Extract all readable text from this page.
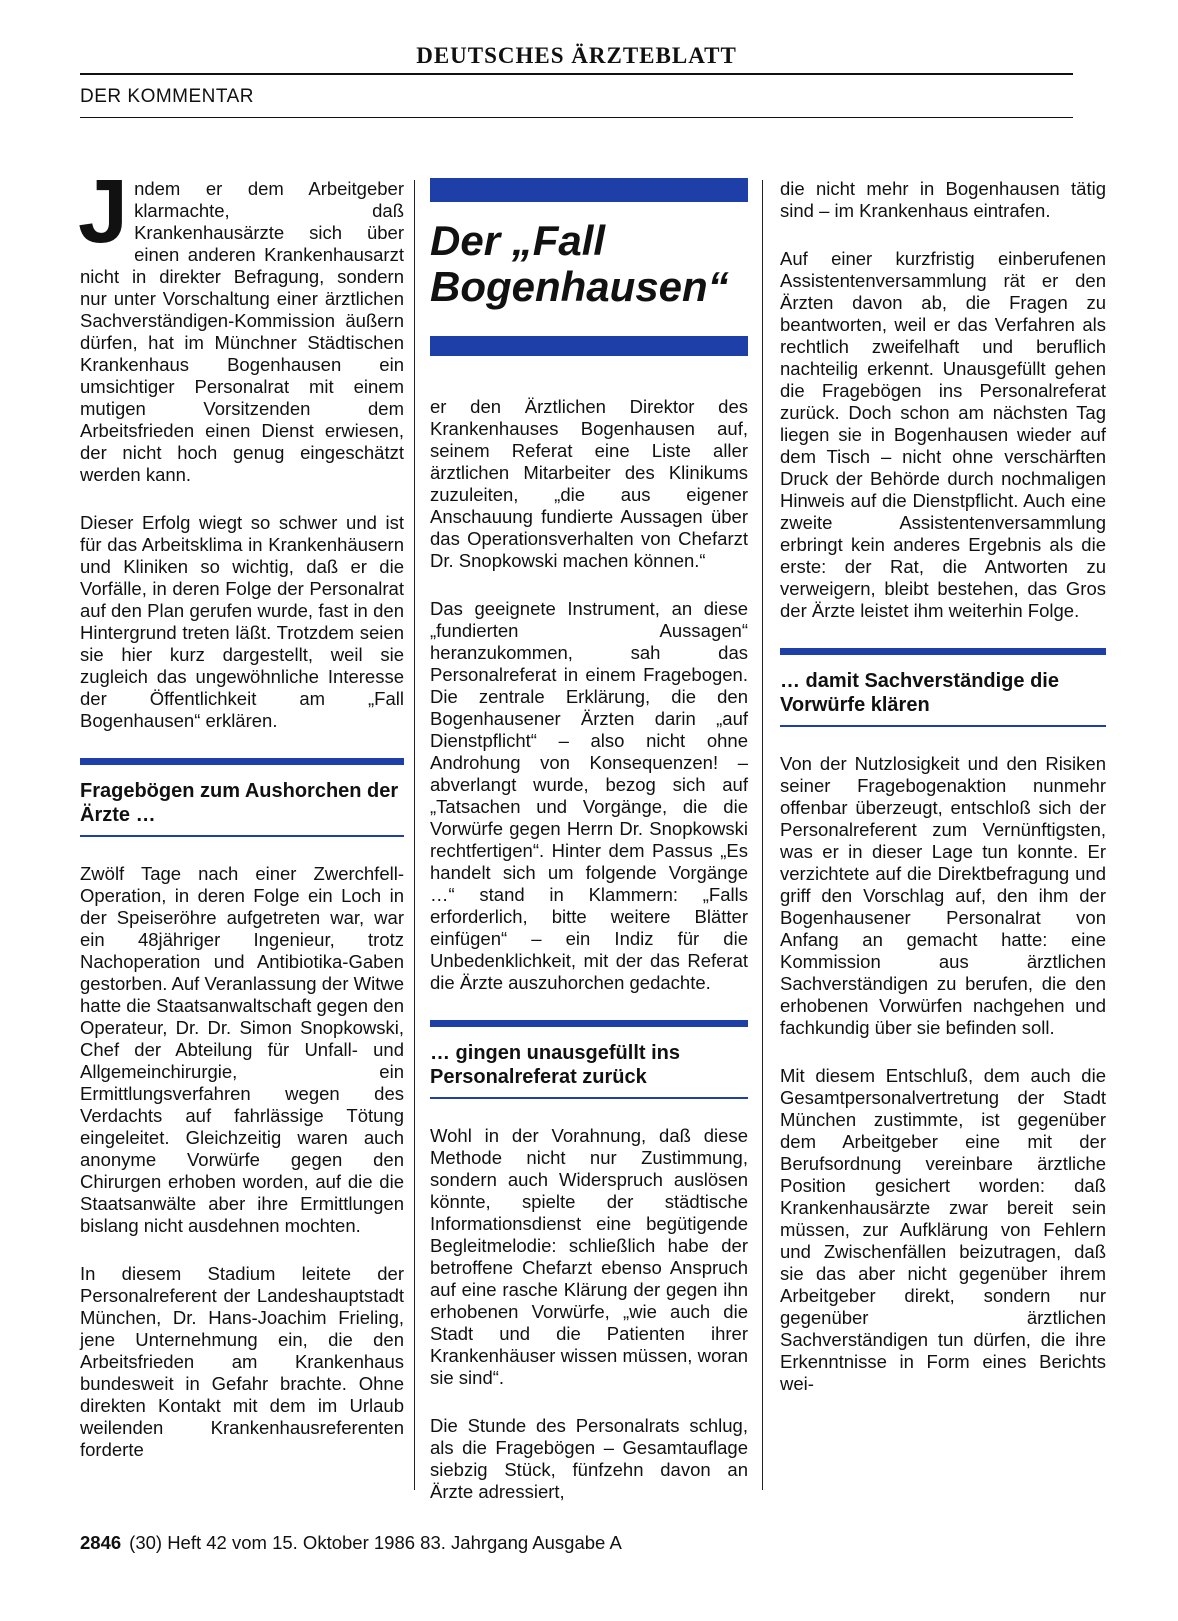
DEUTSCHES ÄRZTEBLATT
DER KOMMENTAR

Jndem er dem Arbeitgeber klarmachte, daß Krankenhausärzte sich über einen anderen Krankenhausarzt nicht in direkter Befragung, sondern nur unter Vorschaltung einer ärztlichen Sachverständigen-Kommission äußern dürfen, hat im Münchner Städtischen Krankenhaus Bogenhausen ein umsichtiger Personalrat mit einem mutigen Vorsitzenden dem Arbeitsfrieden einen Dienst erwiesen, der nicht hoch genug eingeschätzt werden kann.

Dieser Erfolg wiegt so schwer und ist für das Arbeitsklima in Krankenhäusern und Kliniken so wichtig, daß er die Vorfälle, in deren Folge der Personalrat auf den Plan gerufen wurde, fast in den Hintergrund treten läßt. Trotzdem seien sie hier kurz dargestellt, weil sie zugleich das ungewöhnliche Interesse der Öffentlichkeit am „Fall Bogenhausen“ erklären.

Fragebögen zum Aushorchen der Ärzte …

Zwölf Tage nach einer Zwerchfell-Operation, in deren Folge ein Loch in der Speiseröhre aufgetreten war, war ein 48jähriger Ingenieur, trotz Nachoperation und Antibiotika-Gaben gestorben. Auf Veranlassung der Witwe hatte die Staatsanwaltschaft gegen den Operateur, Dr. Dr. Simon Snopkowski, Chef der Abteilung für Unfall- und Allgemeinchirurgie, ein Ermittlungsverfahren wegen des Verdachts auf fahrlässige Tötung eingeleitet. Gleichzeitig waren auch anonyme Vorwürfe gegen den Chirurgen erhoben worden, auf die die Staatsanwälte aber ihre Ermittlungen bislang nicht ausdehnen mochten.

In diesem Stadium leitete der Personalreferent der Landeshauptstadt München, Dr. Hans-Joachim Frieling, jene Unternehmung ein, die den Arbeitsfrieden am Krankenhaus bundesweit in Gefahr brachte. Ohne direkten Kontakt mit dem im Urlaub weilenden Krankenhausreferenten forderte

Der „Fall
Bogenhausen“

er den Ärztlichen Direktor des Krankenhauses Bogenhausen auf, seinem Referat eine Liste aller ärztlichen Mitarbeiter des Klinikums zuzuleiten, „die aus eigener Anschauung fundierte Aussagen über das Operationsverhalten von Chefarzt Dr. Snopkowski machen können.“

Das geeignete Instrument, an diese „fundierten Aussagen“ heranzukommen, sah das Personalreferat in einem Fragebogen. Die zentrale Erklärung, die den Bogenhausener Ärzten darin „auf Dienstpflicht“ – also nicht ohne Androhung von Konsequenzen! – abverlangt wurde, bezog sich auf „Tatsachen und Vorgänge, die die Vorwürfe gegen Herrn Dr. Snopkowski rechtfertigen“. Hinter dem Passus „Es handelt sich um folgende Vorgänge …“ stand in Klammern: „Falls erforderlich, bitte weitere Blätter einfügen“ – ein Indiz für die Unbedenklichkeit, mit der das Referat die Ärzte auszuhorchen gedachte.

… gingen unausgefüllt ins Personalreferat zurück

Wohl in der Vorahnung, daß diese Methode nicht nur Zustimmung, sondern auch Widerspruch auslösen könnte, spielte der städtische Informationsdienst eine begütigende Begleitmelodie: schließlich habe der betroffene Chefarzt ebenso Anspruch auf eine rasche Klärung der gegen ihn erhobenen Vorwürfe, „wie auch die Stadt und die Patienten ihrer Krankenhäuser wissen müssen, woran sie sind“.

Die Stunde des Personalrats schlug, als die Fragebögen – Gesamtauflage siebzig Stück, fünfzehn davon an Ärzte adressiert,

die nicht mehr in Bogenhausen tätig sind – im Krankenhaus eintrafen.

Auf einer kurzfristig einberufenen Assistentenversammlung rät er den Ärzten davon ab, die Fragen zu beantworten, weil er das Verfahren als rechtlich zweifelhaft und beruflich nachteilig erkennt. Unausgefüllt gehen die Fragebögen ins Personalreferat zurück. Doch schon am nächsten Tag liegen sie in Bogenhausen wieder auf dem Tisch – nicht ohne verschärften Druck der Behörde durch nochmaligen Hinweis auf die Dienstpflicht. Auch eine zweite Assistentenversammlung erbringt kein anderes Ergebnis als die erste: der Rat, die Antworten zu verweigern, bleibt bestehen, das Gros der Ärzte leistet ihm weiterhin Folge.

… damit Sachverständige die Vorwürfe klären

Von der Nutzlosigkeit und den Risiken seiner Fragebogenaktion nunmehr offenbar überzeugt, entschloß sich der Personalreferent zum Vernünftigsten, was er in dieser Lage tun konnte. Er verzichtete auf die Direktbefragung und griff den Vorschlag auf, den ihm der Bogenhausener Personalrat von Anfang an gemacht hatte: eine Kommission aus ärztlichen Sachverständigen zu berufen, die den erhobenen Vorwürfen nachgehen und fachkundig über sie befinden soll.

Mit diesem Entschluß, dem auch die Gesamtpersonalvertretung der Stadt München zustimmte, ist gegenüber dem Arbeitgeber eine mit der Berufsordnung vereinbare ärztliche Position gesichert worden: daß Krankenhausärzte zwar bereit sein müssen, zur Aufklärung von Fehlern und Zwischenfällen beizutragen, daß sie das aber nicht gegenüber ihrem Arbeitgeber direkt, sondern nur gegenüber ärztlichen Sachverständigen tun dürfen, die ihre Erkenntnisse in Form eines Berichts wei-

2846 (30) Heft 42 vom 15. Oktober 1986 83. Jahrgang Ausgabe A
